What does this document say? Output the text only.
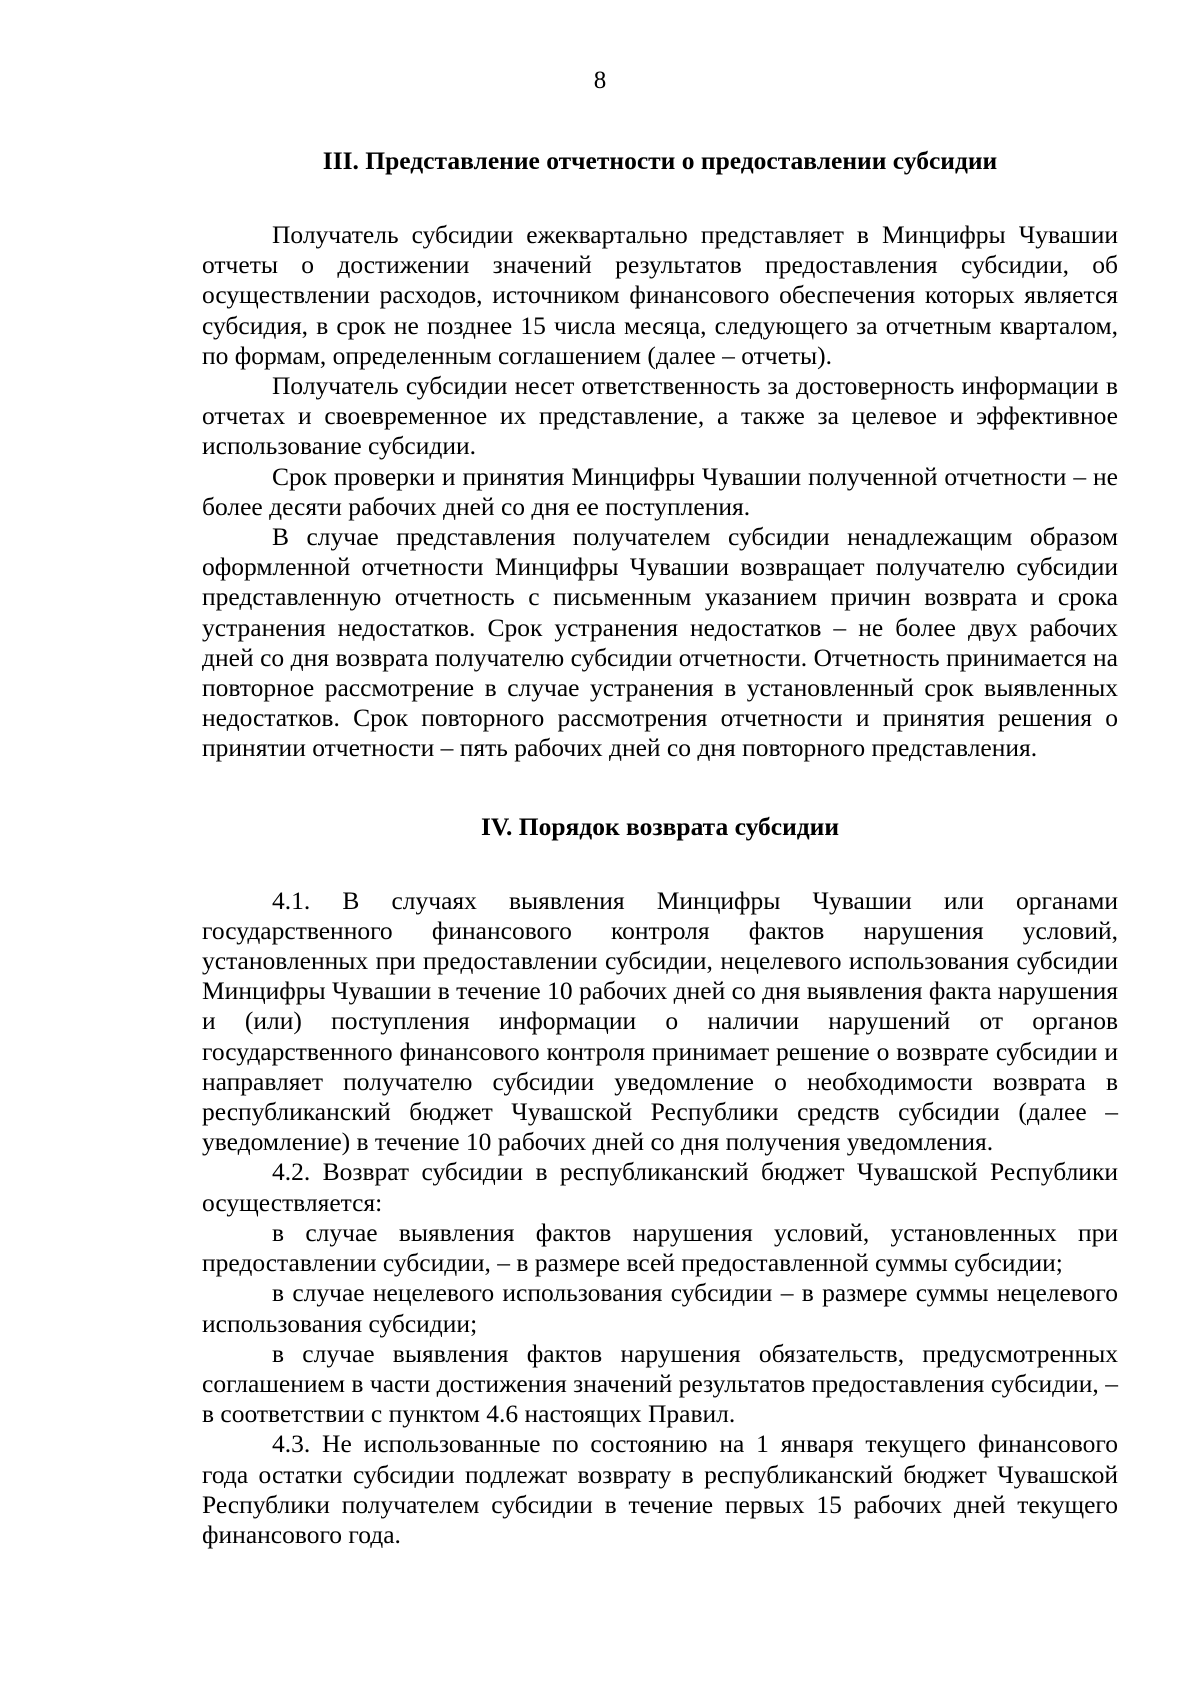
8
III. Представление отчетности о предоставлении субсидии

Получатель субсидии ежеквартально представляет в Минцифры Чувашии отчеты о достижении значений результатов предоставления субсидии, об осуществлении расходов, источником финансового обеспечения которых является субсидия, в срок не позднее 15 числа месяца, следующего за отчетным кварталом, по формам, определенным соглашением (далее – отчеты).

Получатель субсидии несет ответственность за достоверность информации в отчетах и своевременное их представление, а также за целевое и эффективное использование субсидии.

Срок проверки и принятия Минцифры Чувашии полученной отчетности – не более десяти рабочих дней со дня ее поступления.

В случае представления получателем субсидии ненадлежащим образом оформленной отчетности Минцифры Чувашии возвращает получателю субсидии представленную отчетность с письменным указанием причин возврата и срока устранения недостатков. Срок устранения недостатков – не более двух рабочих дней со дня возврата получателю субсидии отчетности. Отчетность принимается на повторное рассмотрение в случае устранения в установленный срок выявленных недостатков. Срок повторного рассмотрения отчетности и принятия решения о принятии отчетности – пять рабочих дней со дня повторного представления.

IV. Порядок возврата субсидии

4.1. В случаях выявления Минцифры Чувашии или органами государственного финансового контроля фактов нарушения условий, установленных при предоставлении субсидии, нецелевого использования субсидии Минцифры Чувашии в течение 10 рабочих дней со дня выявления факта нарушения и (или) поступления информации о наличии нарушений от органов государственного финансового контроля принимает решение о возврате субсидии и направляет получателю субсидии уведомление о необходимости возврата в республиканский бюджет Чувашской Республики средств субсидии (далее – уведомление) в течение 10 рабочих дней со дня получения уведомления.

4.2. Возврат субсидии в республиканский бюджет Чувашской Республики осуществляется:

в случае выявления фактов нарушения условий, установленных при предоставлении субсидии, – в размере всей предоставленной суммы субсидии;

в случае нецелевого использования субсидии – в размере суммы нецелевого использования субсидии;

в случае выявления фактов нарушения обязательств, предусмотренных соглашением в части достижения значений результатов предоставления субсидии, – в соответствии с пунктом 4.6 настоящих Правил.

4.3. Не использованные по состоянию на 1 января текущего финансового года остатки субсидии подлежат возврату в республиканский бюджет Чувашской Республики получателем субсидии в течение первых 15 рабочих дней текущего финансового года.
